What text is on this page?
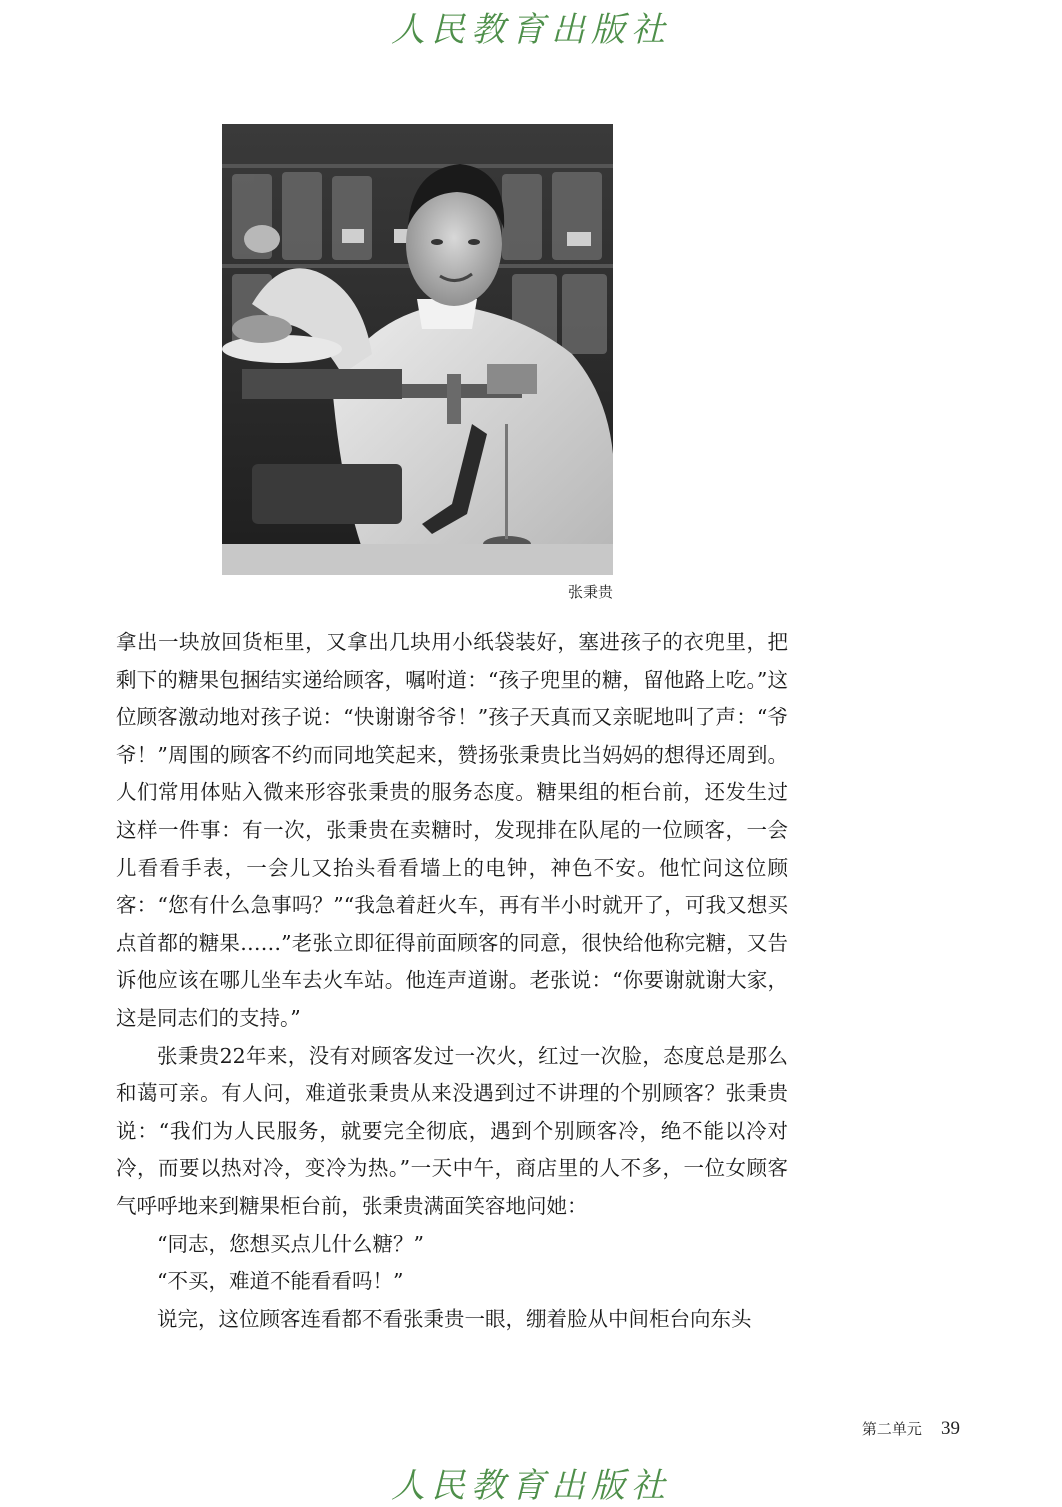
人民教育出版社
张秉贵

拿出一块放回货柜里，又拿出几块用小纸袋装好，塞进孩子的衣兜里，把剩下的糖果包捆结实递给顾客，嘱咐道：“孩子兜里的糖，留他路上吃。”这位顾客激动地对孩子说：“快谢谢爷爷！”孩子天真而又亲昵地叫了声：“爷爷！”周围的顾客不约而同地笑起来，赞扬张秉贵比当妈妈的想得还周到。人们常用体贴入微来形容张秉贵的服务态度。糖果组的柜台前，还发生过这样一件事：有一次，张秉贵在卖糖时，发现排在队尾的一位顾客，一会儿看看手表，一会儿又抬头看看墙上的电钟，神色不安。他忙问这位顾客：“您有什么急事吗？”“我急着赶火车，再有半小时就开了，可我又想买点首都的糖果……”老张立即征得前面顾客的同意，很快给他称完糖，又告诉他应该在哪儿坐车去火车站。他连声道谢。老张说：“你要谢就谢大家，这是同志们的支持。”

张秉贵22年来，没有对顾客发过一次火，红过一次脸，态度总是那么和蔼可亲。有人问，难道张秉贵从来没遇到过不讲理的个别顾客？张秉贵说：“我们为人民服务，就要完全彻底，遇到个别顾客冷，绝不能以冷对冷，而要以热对冷，变冷为热。”一天中午，商店里的人不多，一位女顾客气呼呼地来到糖果柜台前，张秉贵满面笑容地问她：

“同志，您想买点儿什么糖？”

“不买，难道不能看看吗！”

说完，这位顾客连看都不看张秉贵一眼，绷着脸从中间柜台向东头

第二单元 39
人民教育出版社
